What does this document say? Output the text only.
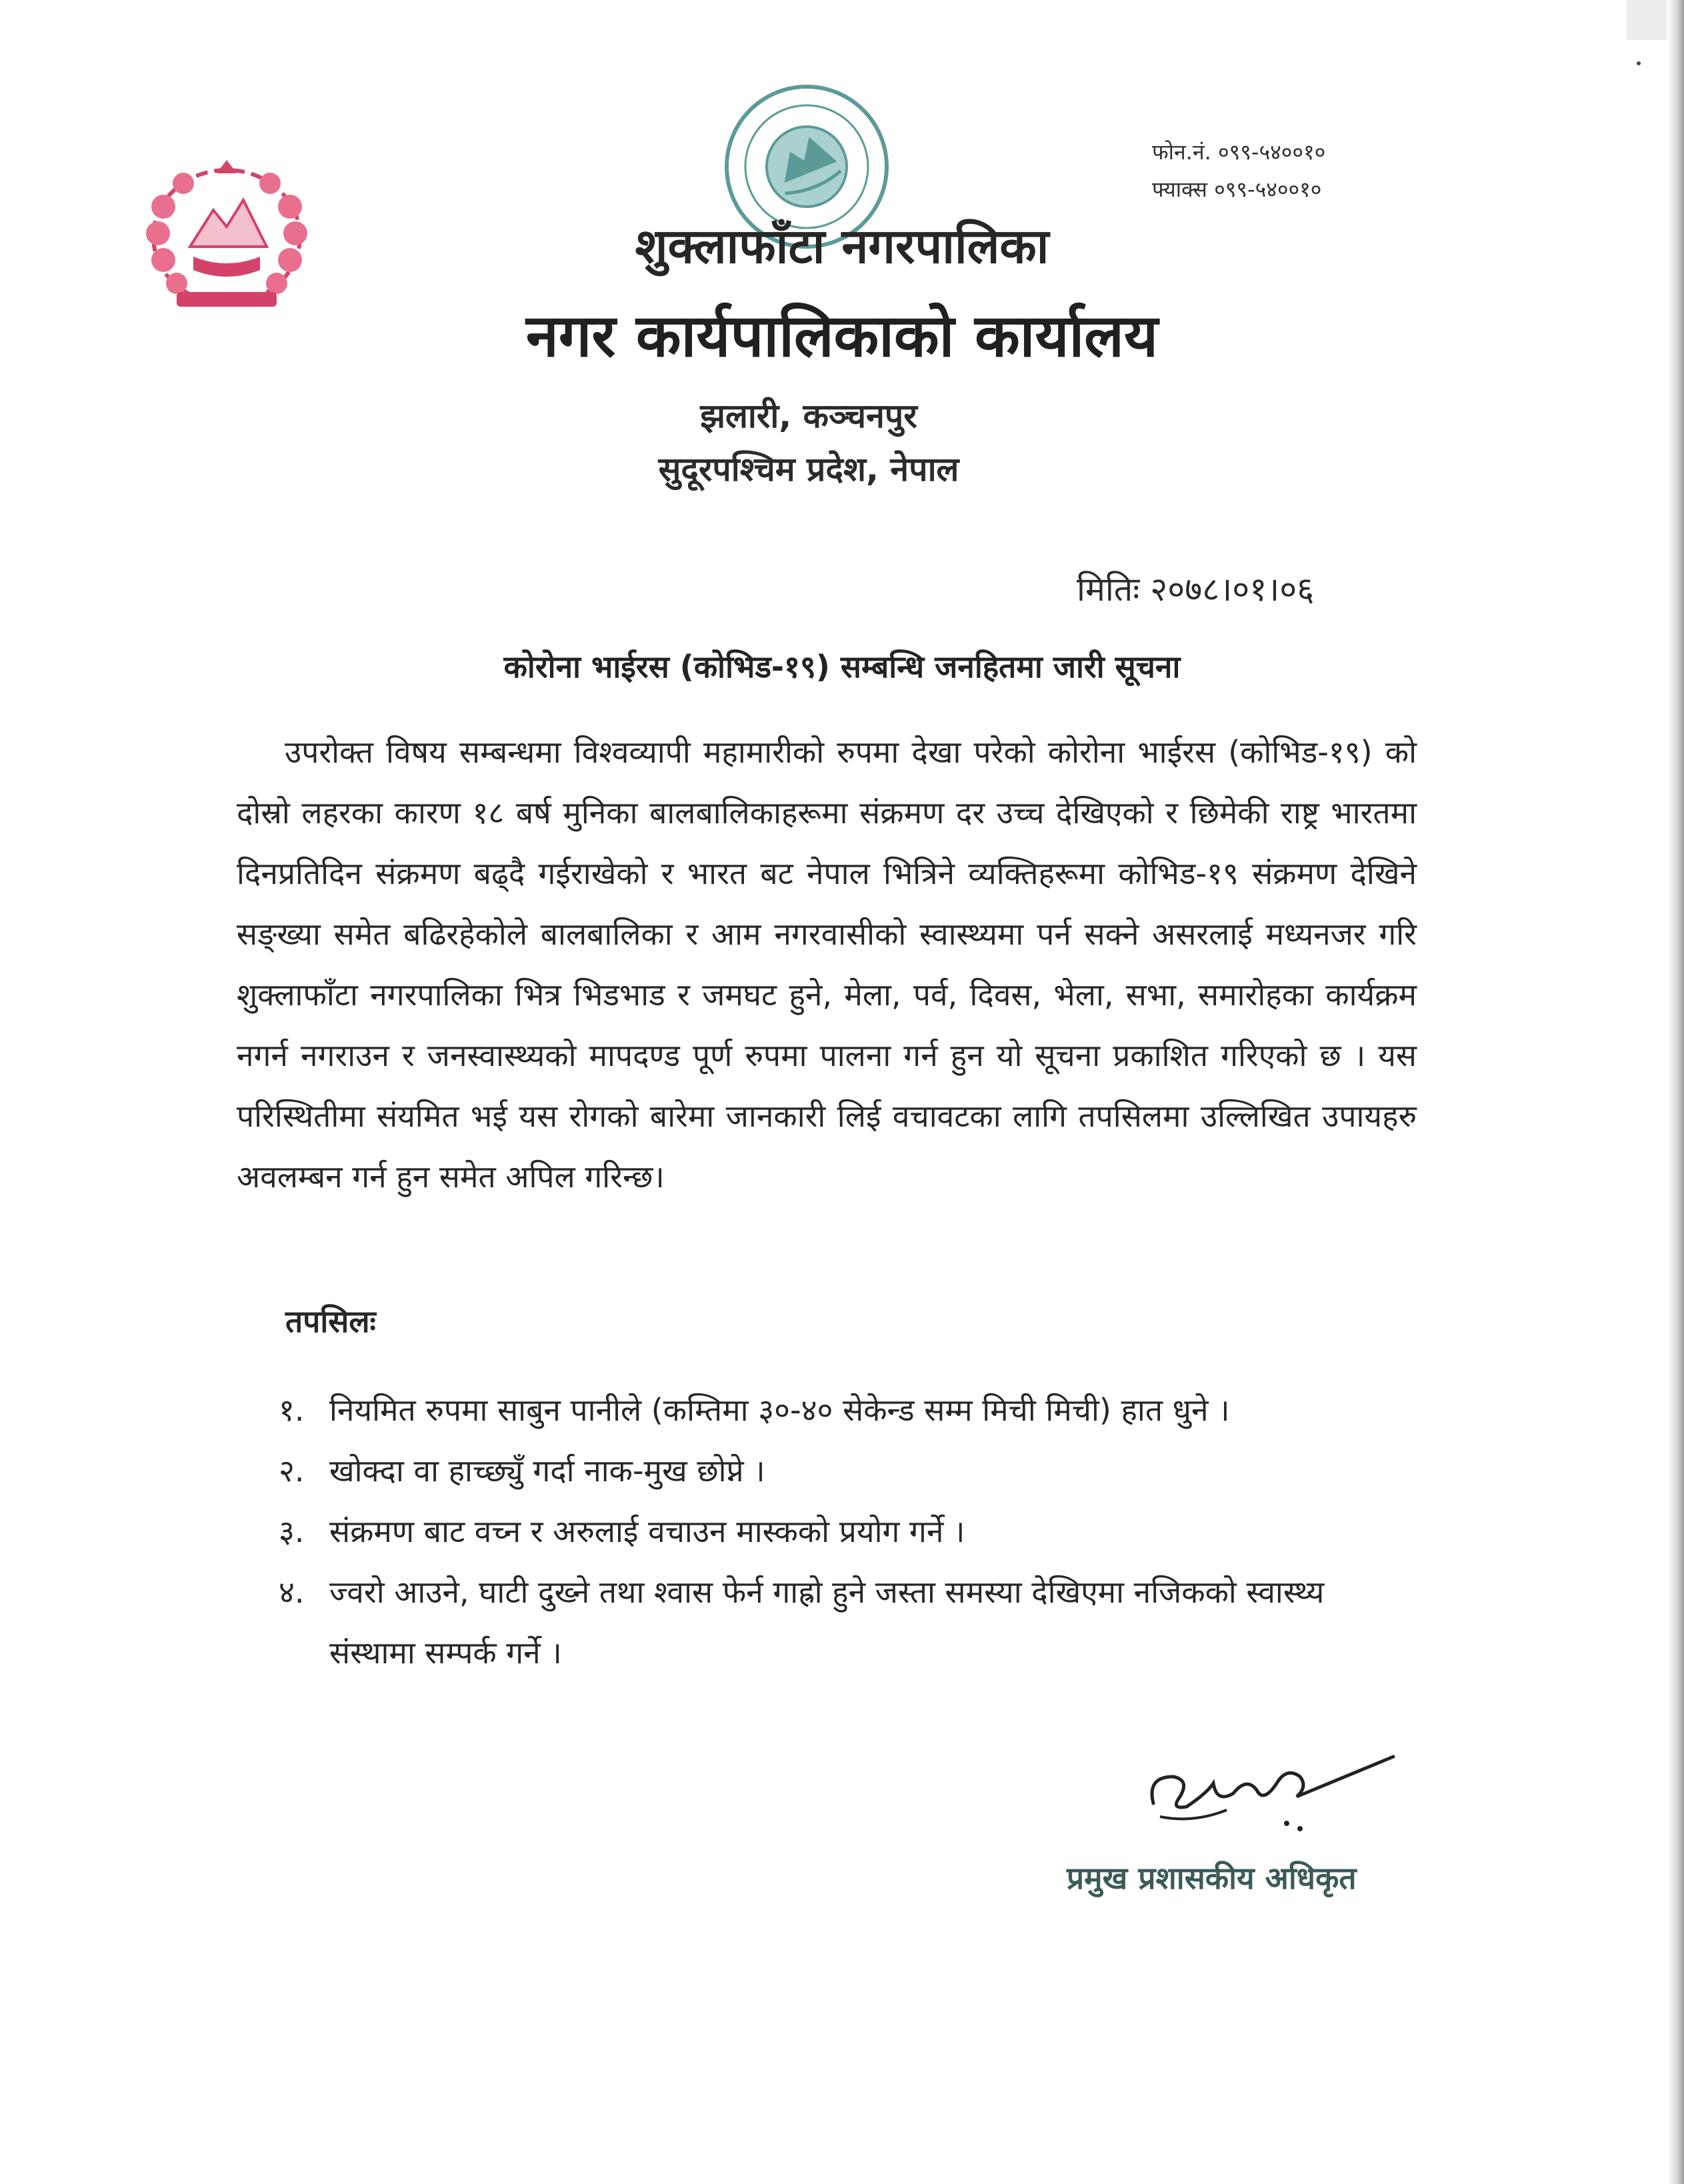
फोन.नं. ०९९-५४००१०
फ्याक्स ०९९-५४००१०
शुक्लाफाँटा नगरपालिका
नगर कार्यपालिकाको कार्यालय
झलारी, कञ्चनपुर
सुदूरपश्चिम प्रदेश, नेपाल
मितिः २०७८।०१।०६
कोरोना भाईरस (कोभिड-१९) सम्बन्धि जनहितमा जारी सूचना
उपरोक्त विषय सम्बन्धमा विश्वव्यापी महामारीको रुपमा देखा परेको कोरोना भाईरस (कोभिड-१९) को दोस्रो लहरका कारण १८ बर्ष मुनिका बालबालिकाहरूमा संक्रमण दर उच्च देखिएको र छिमेकी राष्ट्र भारतमा दिनप्रतिदिन संक्रमण बढ्दै गईराखेको र भारत बट नेपाल भित्रिने व्यक्तिहरूमा कोभिड-१९ संक्रमण देखिने सङ्ख्या समेत बढिरहेकोले बालबालिका र आम नगरवासीको स्वास्थ्यमा पर्न सक्ने असरलाई मध्यनजर गरि शुक्लाफाँटा नगरपालिका भित्र भिडभाड र जमघट हुने, मेला, पर्व, दिवस, भेला, सभा, समारोहका कार्यक्रम नगर्न नगराउन र जनस्वास्थ्यको मापदण्ड पूर्ण रुपमा पालना गर्न हुन यो सूचना प्रकाशित गरिएको छ । यस परिस्थितीमा संयमित भई यस रोगको बारेमा जानकारी लिई वचावटका लागि तपसिलमा उल्लिखित उपायहरु अवलम्बन गर्न हुन समेत अपिल गरिन्छ।
तपसिलः
१. नियमित रुपमा साबुन पानीले (कम्तिमा ३०-४० सेकेन्ड सम्म मिची मिची) हात धुने ।
२. खोक्दा वा हाच्छ्युँ गर्दा नाक-मुख छोप्ने ।
३. संक्रमण बाट वच्न र अरुलाई वचाउन मास्कको प्रयोग गर्ने ।
४. ज्वरो आउने, घाटी दुख्ने तथा श्वास फेर्न गाह्रो हुने जस्ता समस्या देखिएमा नजिकको स्वास्थ्य संस्थामा सम्पर्क गर्ने ।
प्रमुख प्रशासकीय अधिकृत
